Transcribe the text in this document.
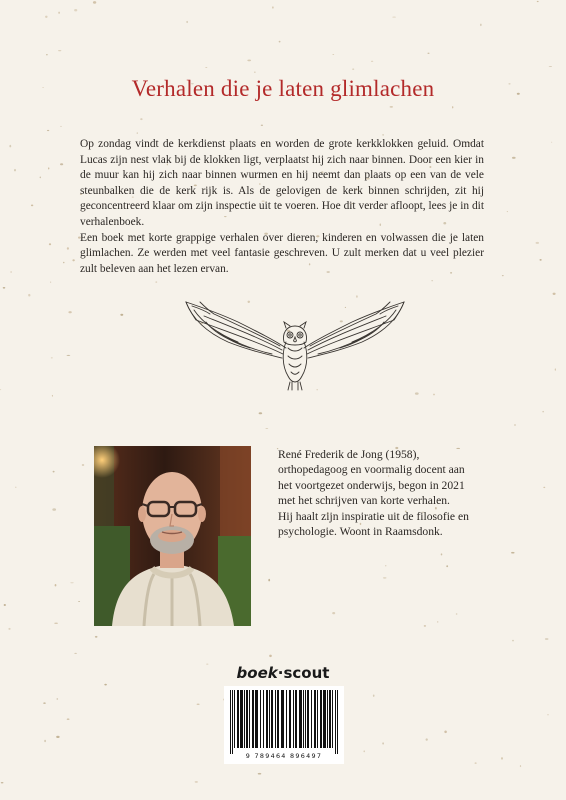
Verhalen die je laten glimlachen

Op zondag vindt de kerkdienst plaats en worden de grote kerkklokken geluid. Omdat Lucas zijn nest vlak bij de klokken ligt, verplaatst hij zich naar binnen. Door een kier in de muur kan hij zich naar binnen wurmen en hij neemt dan plaats op een van de vele steunbalken die de kerk rijk is. Als de gelovigen de kerk binnen schrijden, zit hij geconcentreerd klaar om zijn inspectie uit te voeren. Hoe dit verder afloopt, lees je in dit verhalenboek.

Een boek met korte grappige verhalen over dieren, kinderen en volwassen die je laten glimlachen. Ze werden met veel fantasie geschreven. U zult merken dat u veel plezier zult beleven aan het lezen ervan.

René Frederik de Jong (1958), orthopedagoog en voormalig docent aan het voortgezet onderwijs, begon in 2021 met het schrijven van korte verhalen.

Hij haalt zijn inspiratie uit de filosofie en psychologie. Woont in Raamsdonk.

boek·scout
9 789464 896497
